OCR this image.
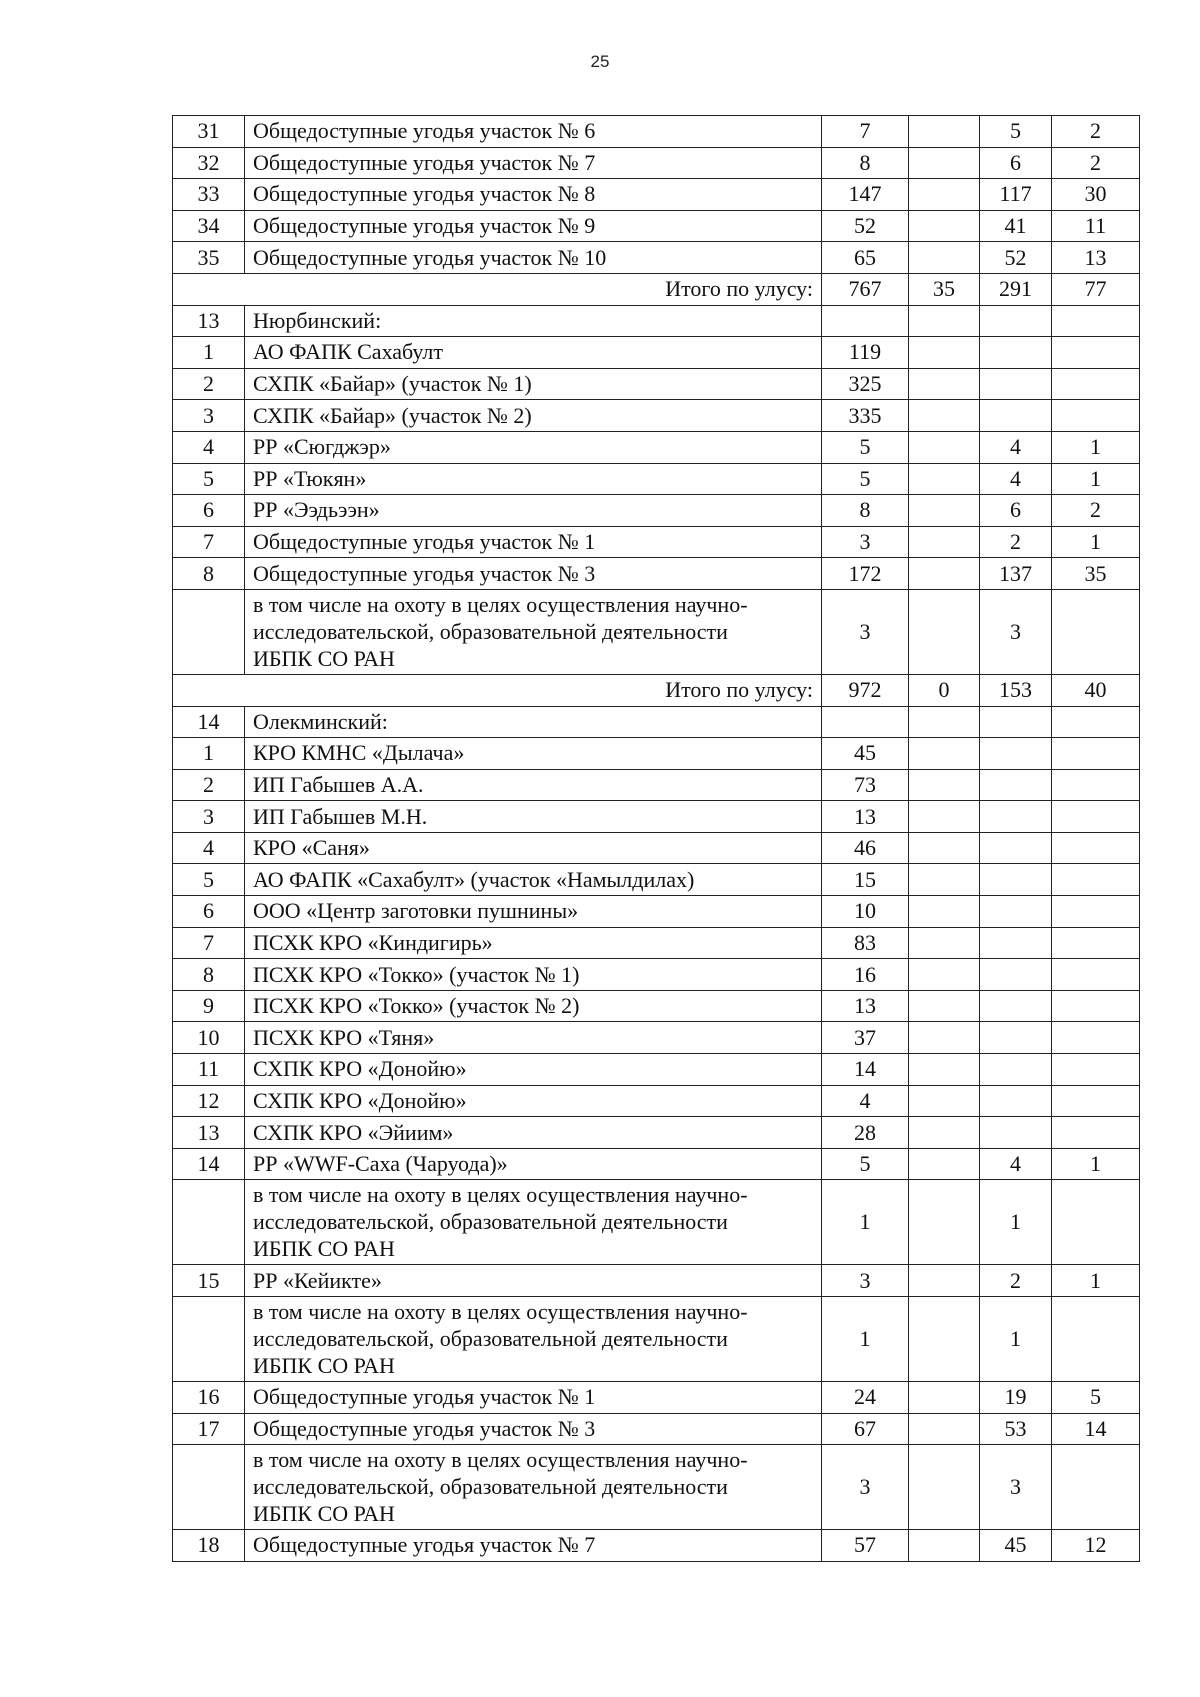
25
31	Общедоступные угодья участок № 6	7		5	2
32	Общедоступные угодья участок № 7	8		6	2
33	Общедоступные угодья участок № 8	147		117	30
34	Общедоступные угодья участок № 9	52		41	11
35	Общедоступные угодья участок № 10	65		52	13
Итого по улусу:		767	35	291	77
13	Нюрбинский:				
1	АО ФАПК Сахабулт	119			
2	СХПК «Байар» (участок № 1)	325			
3	СХПК «Байар» (участок № 2)	335			
4	РР «Сюгджэр»	5		4	1
5	РР «Тюкян»	5		4	1
6	РР «Ээдьээн»	8		6	2
7	Общедоступные угодья участок № 1	3		2	1
8	Общедоступные угодья участок № 3	172		137	35

	в том числе на охоту в целях осуществления научно-
исследовательской, образовательной деятельности
ИБПК СО РАН	3		3	
Итого по улусу:		972	0	153	40
14	Олекминский:				
1	КРО КМНС «Дылача»	45			
2	ИП Габышев А.А.	73			
3	ИП Габышев М.Н.	13			
4	КРО «Саня»	46			
5	АО ФАПК «Сахабулт» (участок «Намылдилах)	15			
6	ООО «Центр заготовки пушнины»	10			
7	ПСХК КРО «Киндигирь»	83			
8	ПСХК КРО «Токко» (участок № 1)	16			
9	ПСХК КРО «Токко» (участок № 2)	13			
10	ПСХК КРО «Тяня»	37			
11	СХПК КРО «Донойю»	14			
12	СХПК КРО «Донойю»	4			
13	СХПК КРО «Эйиим»	28			
14	РР «WWF-Саха (Чаруода)»	5		4	1

	в том числе на охоту в целях осуществления научно-
исследовательской, образовательной деятельности
ИБПК СО РАН	1		1	
15	РР «Кейикте»	3		2	1

	в том числе на охоту в целях осуществления научно-
исследовательской, образовательной деятельности
ИБПК СО РАН	1		1	
16	Общедоступные угодья участок № 1	24		19	5
17	Общедоступные угодья участок № 3	67		53	14

	в том числе на охоту в целях осуществления научно-
исследовательской, образовательной деятельности
ИБПК СО РАН	3		3	
18	Общедоступные угодья участок № 7	57		45	12
